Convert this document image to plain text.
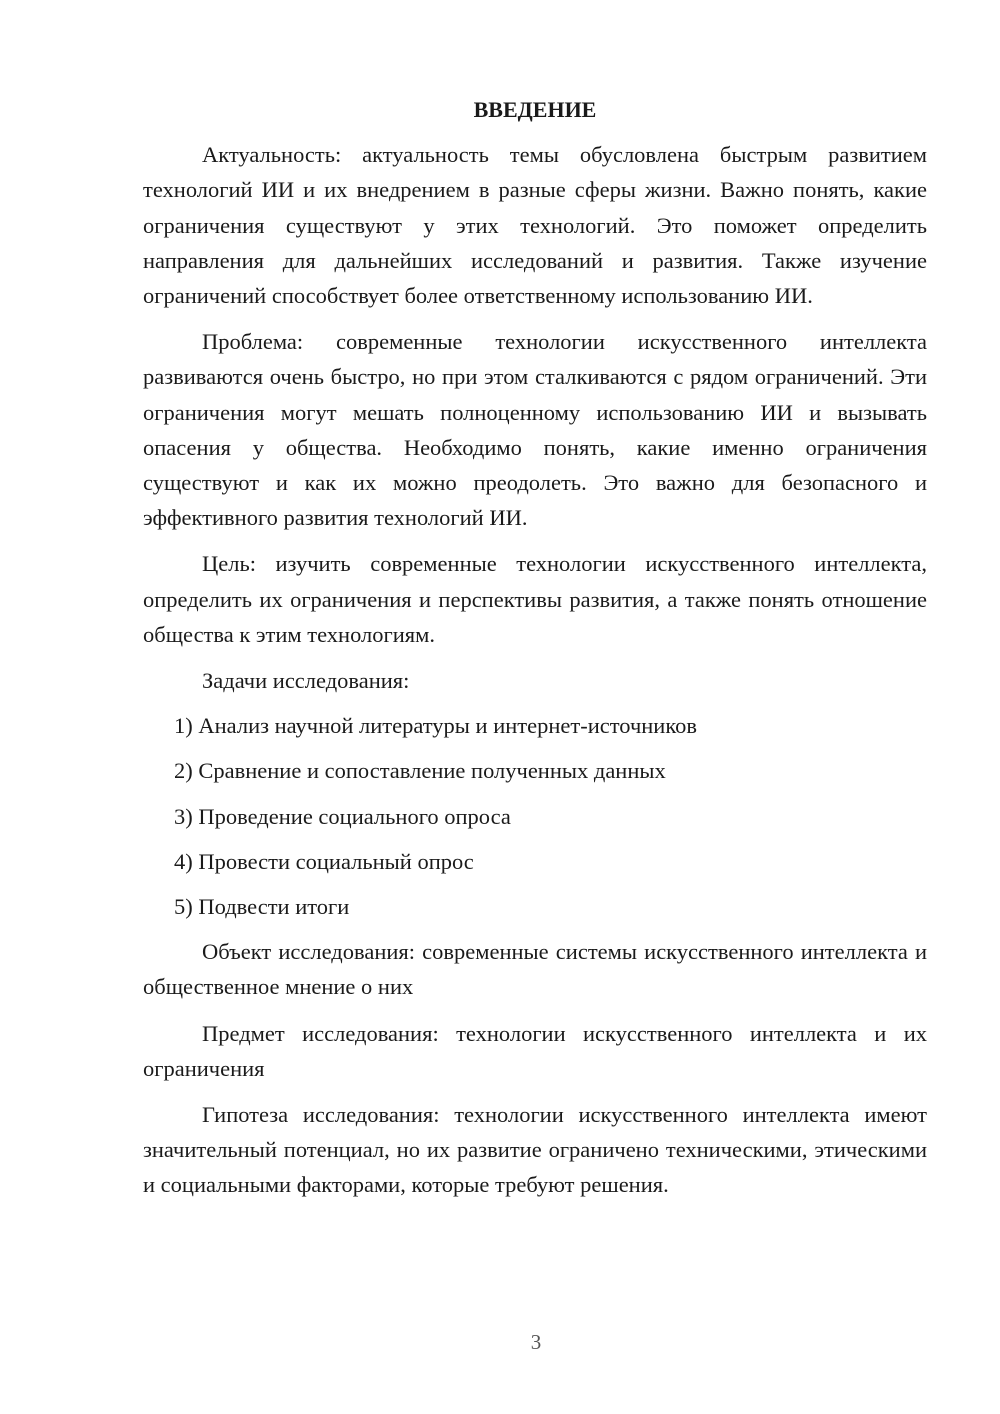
ВВЕДЕНИЕ

Актуальность: актуальность темы обусловлена быстрым развитием технологий ИИ и их внедрением в разные сферы жизни. Важно понять, какие ограничения существуют у этих технологий. Это поможет определить направления для дальнейших исследований и развития. Также изучение ограничений способствует более ответственному использованию ИИ.

Проблема: современные технологии искусственного интеллекта развиваются очень быстро, но при этом сталкиваются с рядом ограничений. Эти ограничения могут мешать полноценному использованию ИИ и вызывать опасения у общества. Необходимо понять, какие именно ограничения существуют и как их можно преодолеть. Это важно для безопасного и эффективного развития технологий ИИ.

Цель: изучить современные технологии искусственного интеллекта, определить их ограничения и перспективы развития, а также понять отношение общества к этим технологиям.

Задачи исследования:
1) Анализ научной литературы и интернет-источников
2) Сравнение и сопоставление полученных данных
3) Проведение социального опроса
4) Провести социальный опрос
5) Подвести итоги

Объект исследования: современные системы искусственного интеллекта и общественное мнение о них

Предмет исследования: технологии искусственного интеллекта и их ограничения

Гипотеза исследования: технологии искусственного интеллекта имеют значительный потенциал, но их развитие ограничено техническими, этическими и социальными факторами, которые требуют решения.

3
